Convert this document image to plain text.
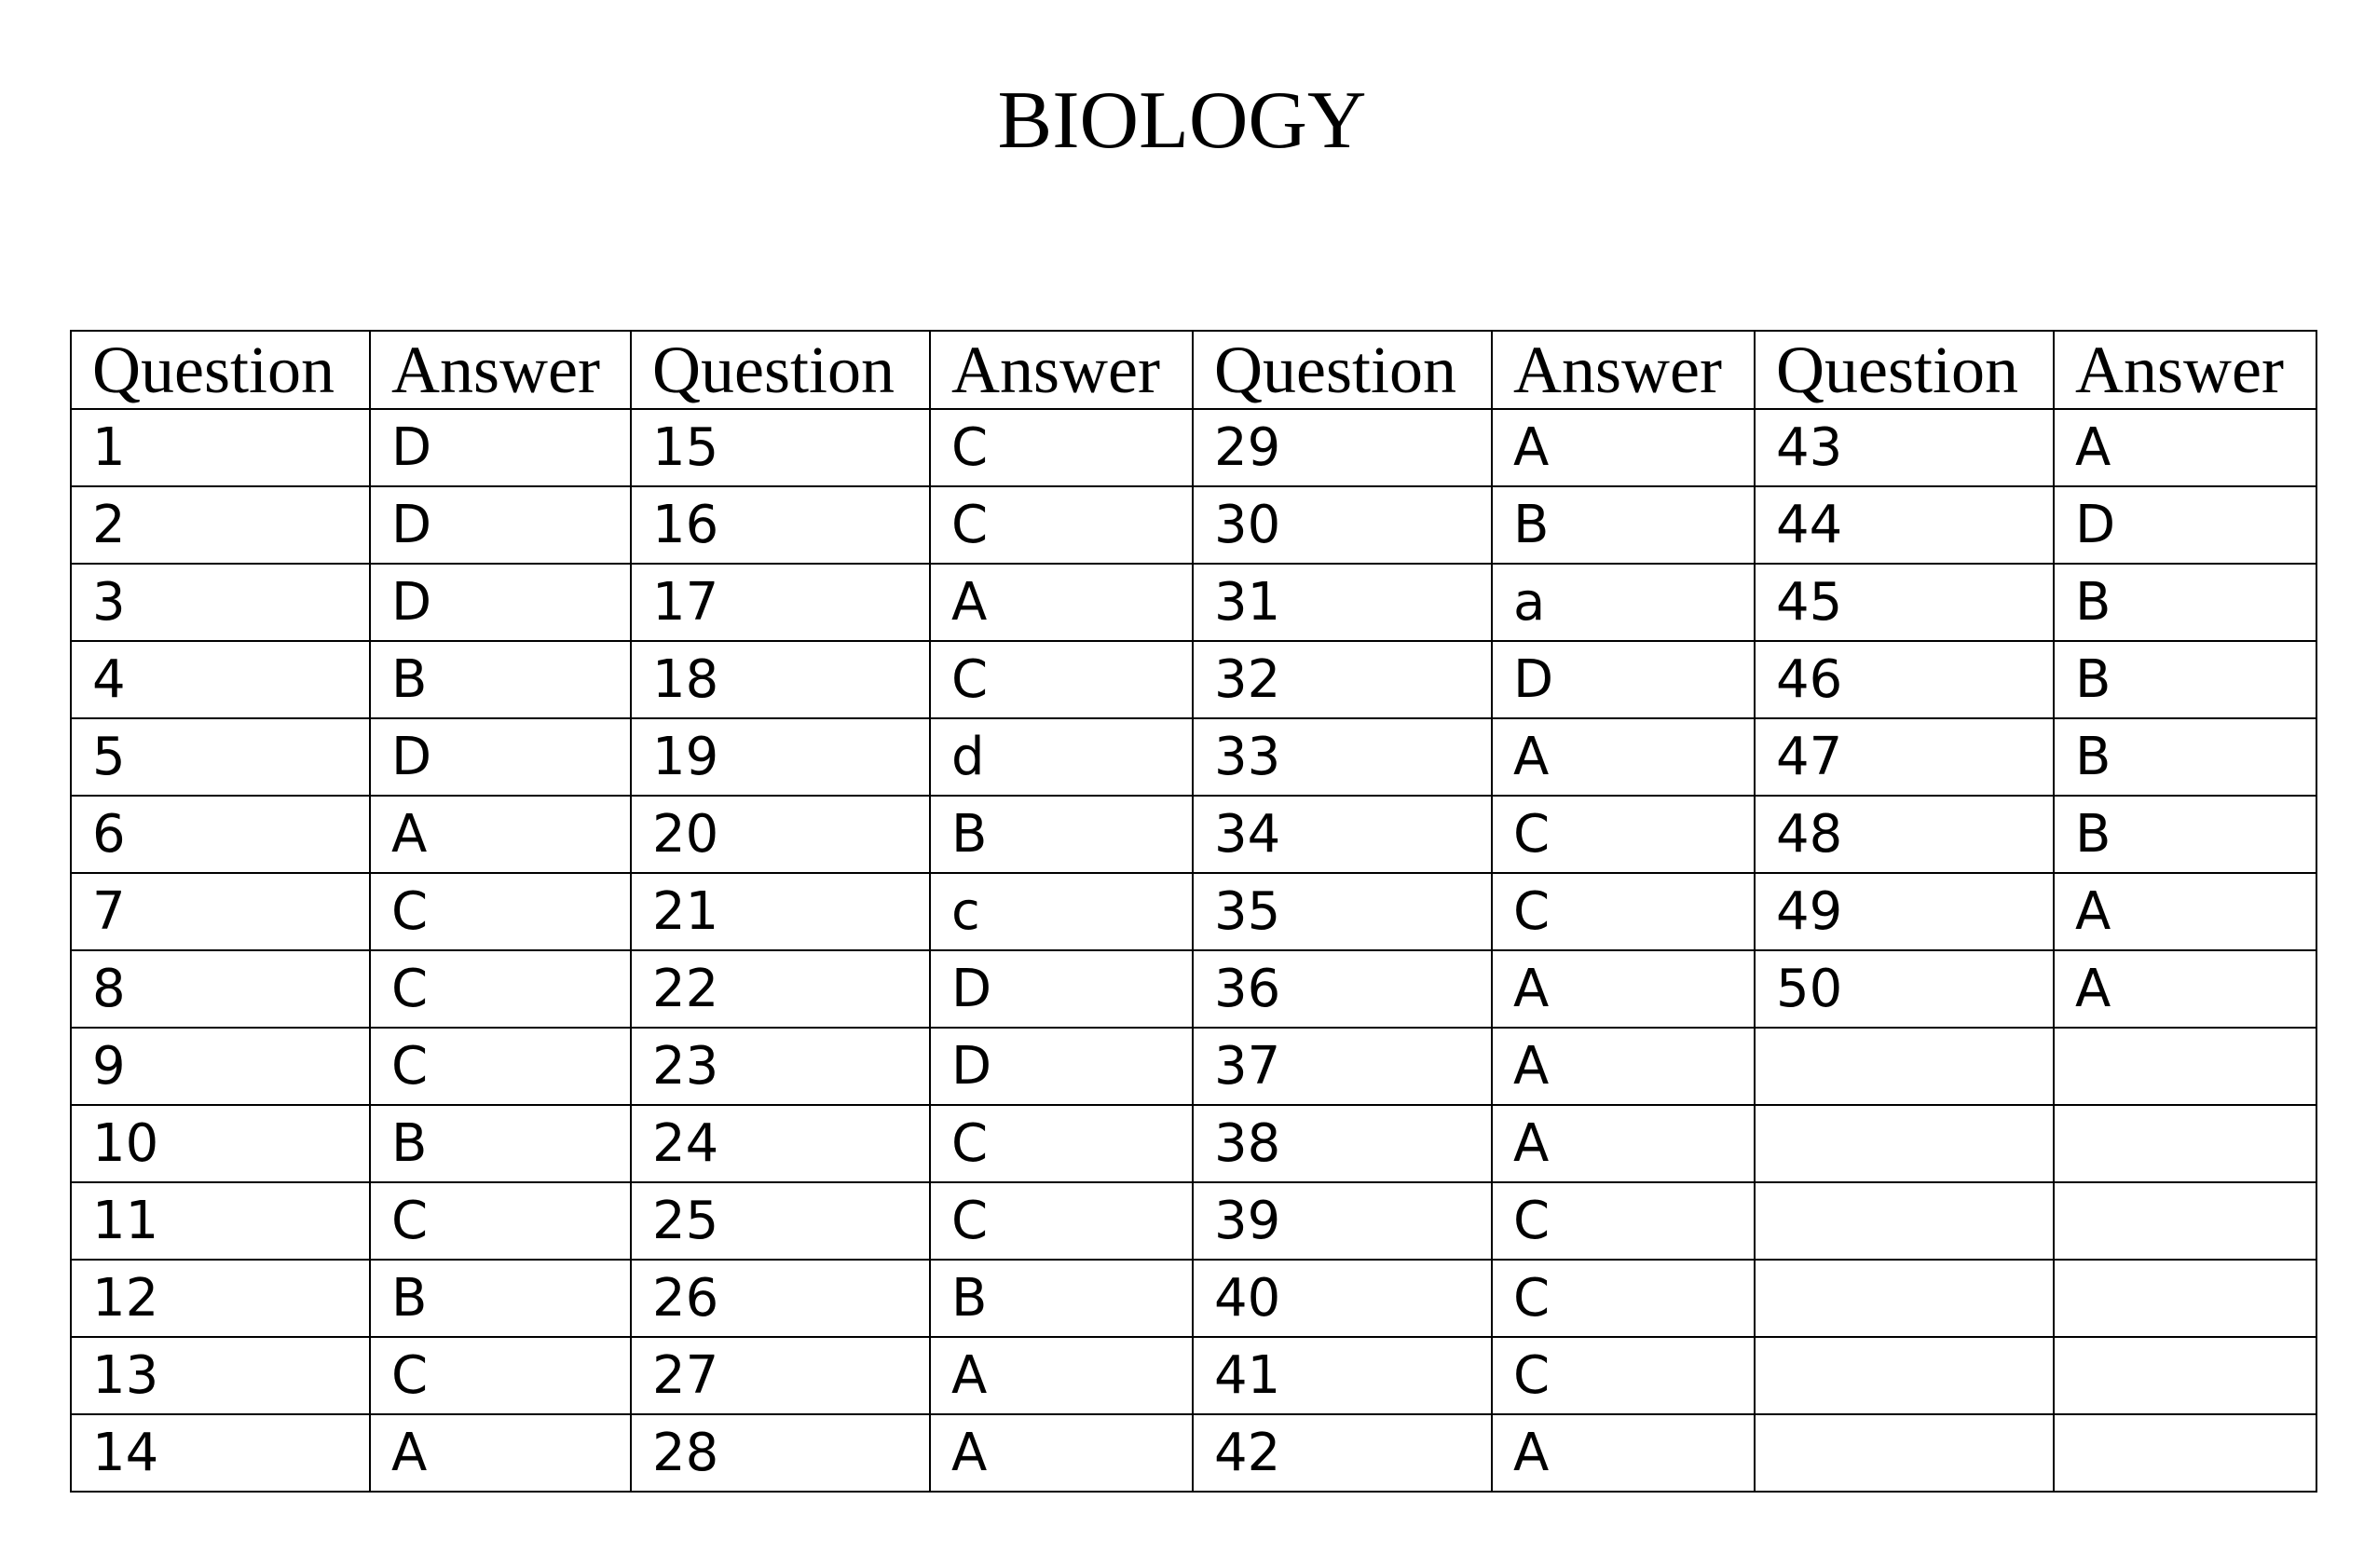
BIOLOGY
Question	Answer	Question	Answer	Question	Answer	Question	Answer
1	D	15	C	29	A	43	A
2	D	16	C	30	B	44	D
3	D	17	A	31	a	45	B
4	B	18	C	32	D	46	B
5	D	19	d	33	A	47	B
6	A	20	B	34	C	48	B
7	C	21	c	35	C	49	A
8	C	22	D	36	A	50	A
9	C	23	D	37	A		
10	B	24	C	38	A		
11	C	25	C	39	C		
12	B	26	B	40	C		
13	C	27	A	41	C		
14	A	28	A	42	A		
